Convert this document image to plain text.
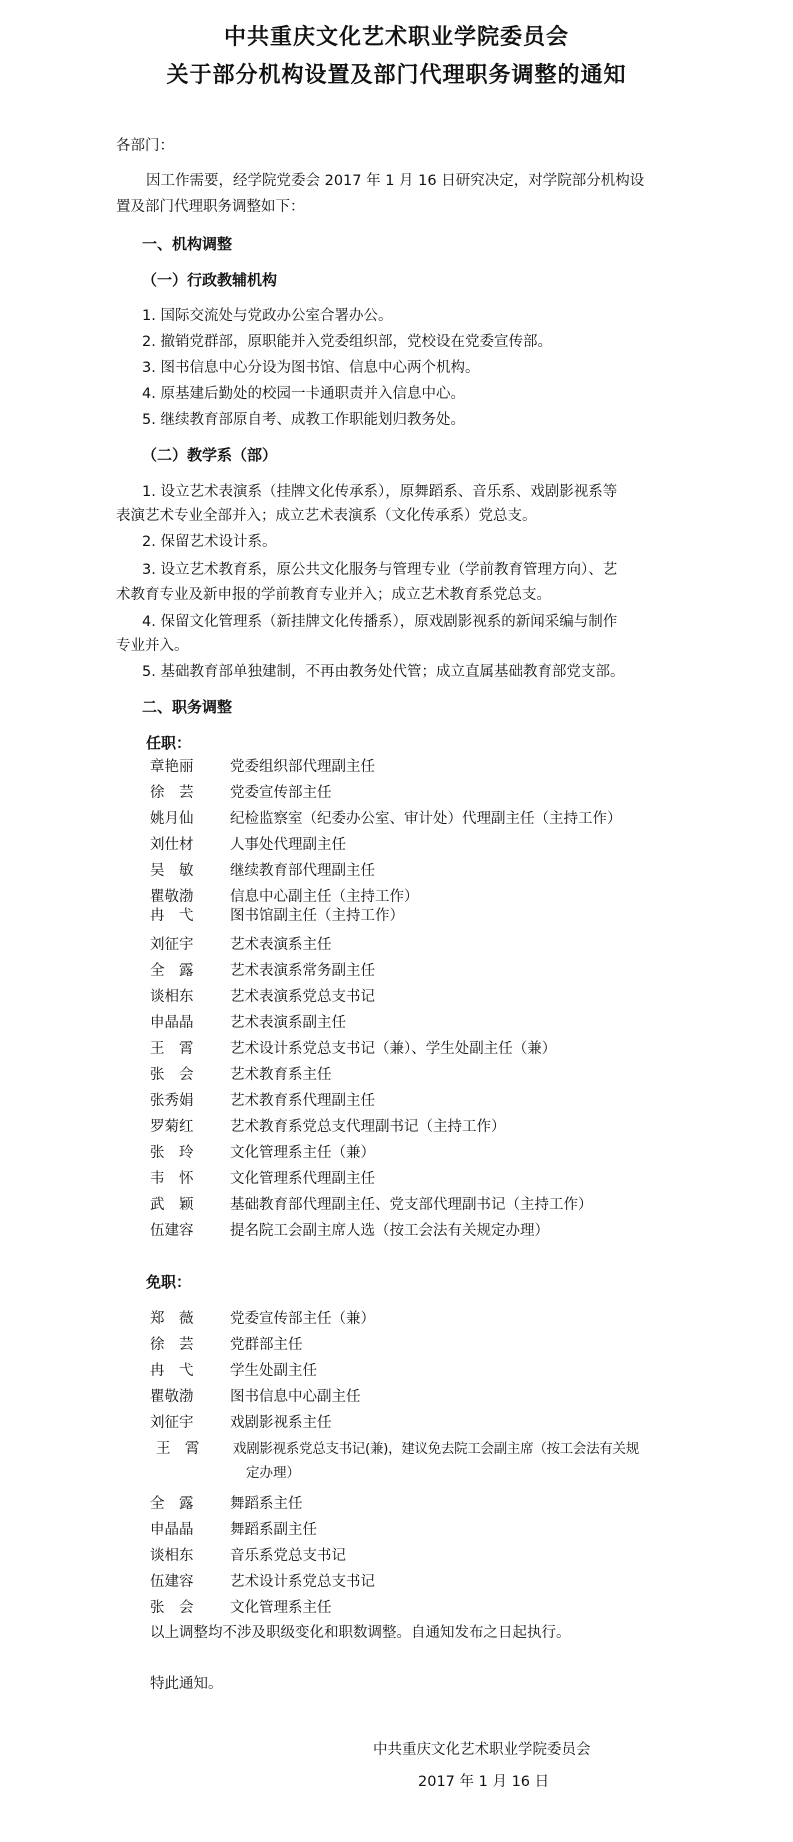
中共重庆文化艺术职业学院委员会
关于部分机构设置及部门代理职务调整的通知
各部门：
因工作需要，经学院党委会 2017 年 1 月 16 日研究决定，对学院部分机构设
置及部门代理职务调整如下：
一、机构调整
（一）行政教辅机构
1. 国际交流处与党政办公室合署办公。
2. 撤销党群部，原职能并入党委组织部，党校设在党委宣传部。
3. 图书信息中心分设为图书馆、信息中心两个机构。
4. 原基建后勤处的校园一卡通职责并入信息中心。
5. 继续教育部原自考、成教工作职能划归教务处。
（二）教学系（部）
1. 设立艺术表演系（挂牌文化传承系），原舞蹈系、音乐系、戏剧影视系等
表演艺术专业全部并入；成立艺术表演系（文化传承系）党总支。
2. 保留艺术设计系。
3. 设立艺术教育系，原公共文化服务与管理专业（学前教育管理方向）、艺
术教育专业及新申报的学前教育专业并入；成立艺术教育系党总支。
4. 保留文化管理系（新挂牌文化传播系），原戏剧影视系的新闻采编与制作
专业并入。
5. 基础教育部单独建制，不再由教务处代管；成立直属基础教育部党支部。
二、职务调整
任职：
章艳丽	党委组织部代理副主任
徐　芸	党委宣传部主任
姚月仙	纪检监察室（纪委办公室、审计处）代理副主任（主持工作）
刘仕材	人事处代理副主任
吴　敏	继续教育部代理副主任
瞿敬渤	信息中心副主任（主持工作）
冉　弋	图书馆副主任（主持工作）
刘征宇	艺术表演系主任
全　露	艺术表演系常务副主任
谈相东	艺术表演系党总支书记
申晶晶	艺术表演系副主任
王　霄	艺术设计系党总支书记（兼）、学生处副主任（兼）
张　会	艺术教育系主任
张秀娟	艺术教育系代理副主任
罗菊红	艺术教育系党总支代理副书记（主持工作）
张　玲	文化管理系主任（兼）
韦　怀	文化管理系代理副主任
武　颖	基础教育部代理副主任、党支部代理副书记（主持工作）
伍建容	提名院工会副主席人选（按工会法有关规定办理）
免职：
郑　薇	党委宣传部主任（兼）
徐　芸	党群部主任
冉　弋	学生处副主任
瞿敬渤	图书信息中心副主任
刘征宇	戏剧影视系主任
王　霄 戏剧影视系党总支书记(兼)，建议免去院工会副主席（按工会法有关规
定办理）
全　露	舞蹈系主任
申晶晶	舞蹈系副主任
谈相东	音乐系党总支书记
伍建容	艺术设计系党总支书记
张　会	文化管理系主任
以上调整均不涉及职级变化和职数调整。自通知发布之日起执行。
特此通知。
中共重庆文化艺术职业学院委员会
2017 年 1 月 16 日
